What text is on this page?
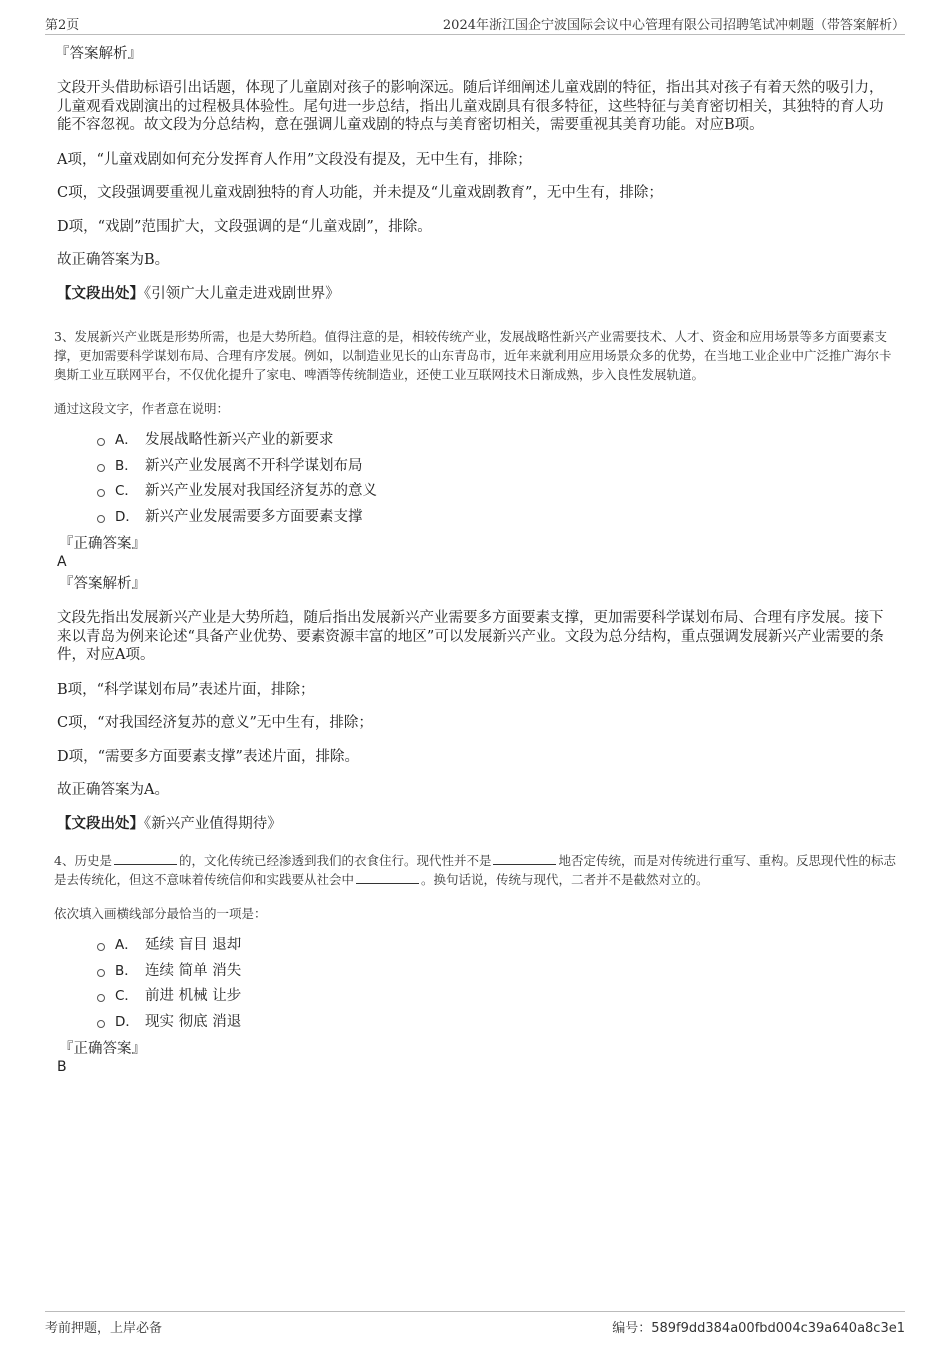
第2页	2024年浙江国企宁波国际会议中心管理有限公司招聘笔试冲刺题（带答案解析）

『答案解析』

文段开头借助标语引出话题，体现了儿童剧对孩子的影响深远。随后详细阐述儿童戏剧的特征，指出其对孩子有着天然的吸引力，儿童观看戏剧演出的过程极具体验性。尾句进一步总结，指出儿童戏剧具有很多特征，这些特征与美育密切相关，其独特的育人功能不容忽视。故文段为分总结构，意在强调儿童戏剧的特点与美育密切相关，需要重视其美育功能。对应B项。

A项，“儿童戏剧如何充分发挥育人作用”文段没有提及，无中生有，排除；

C项，文段强调要重视儿童戏剧独特的育人功能，并未提及“儿童戏剧教育”，无中生有，排除；

D项，“戏剧”范围扩大，文段强调的是“儿童戏剧”，排除。

故正确答案为B。

【文段出处】《引领广大儿童走进戏剧世界》

3、发展新兴产业既是形势所需，也是大势所趋。值得注意的是，相较传统产业，发展战略性新兴产业需要技术、人才、资金和应用场景等多方面要素支撑，更加需要科学谋划布局、合理有序发展。例如，以制造业见长的山东青岛市，近年来就利用应用场景众多的优势，在当地工业企业中广泛推广海尔卡奥斯工业互联网平台，不仅优化提升了家电、啤酒等传统制造业，还使工业互联网技术日渐成熟，步入良性发展轨道。

通过这段文字，作者意在说明：

A． 发展战略性新兴产业的新要求
B． 新兴产业发展离不开科学谋划布局
C． 新兴产业发展对我国经济复苏的意义
D． 新兴产业发展需要多方面要素支撑

『正确答案』

A

『答案解析』

文段先指出发展新兴产业是大势所趋，随后指出发展新兴产业需要多方面要素支撑，更加需要科学谋划布局、合理有序发展。接下来以青岛为例来论述“具备产业优势、要素资源丰富的地区”可以发展新兴产业。文段为总分结构，重点强调发展新兴产业需要的条件，对应A项。

B项，“科学谋划布局”表述片面，排除；

C项，“对我国经济复苏的意义”无中生有，排除；

D项，“需要多方面要素支撑”表述片面，排除。

故正确答案为A。

【文段出处】《新兴产业值得期待》

4、历史是	的，文化传统已经渗透到我们的衣食住行。现代性并不是	地否定传统，而是对传统进行重写、重构。反思现代性的标志是去传统化，但这不意味着传统信仰和实践要从社会中	。换句话说，传统与现代，二者并不是截然对立的。

依次填入画横线部分最恰当的一项是：

A． 延续 盲目 退却
B． 连续 简单 消失
C． 前进 机械 让步
D． 现实 彻底 消退

『正确答案』

B

考前押题，上岸必备	编号：589f9dd384a00fbd004c39a640a8c3e1
